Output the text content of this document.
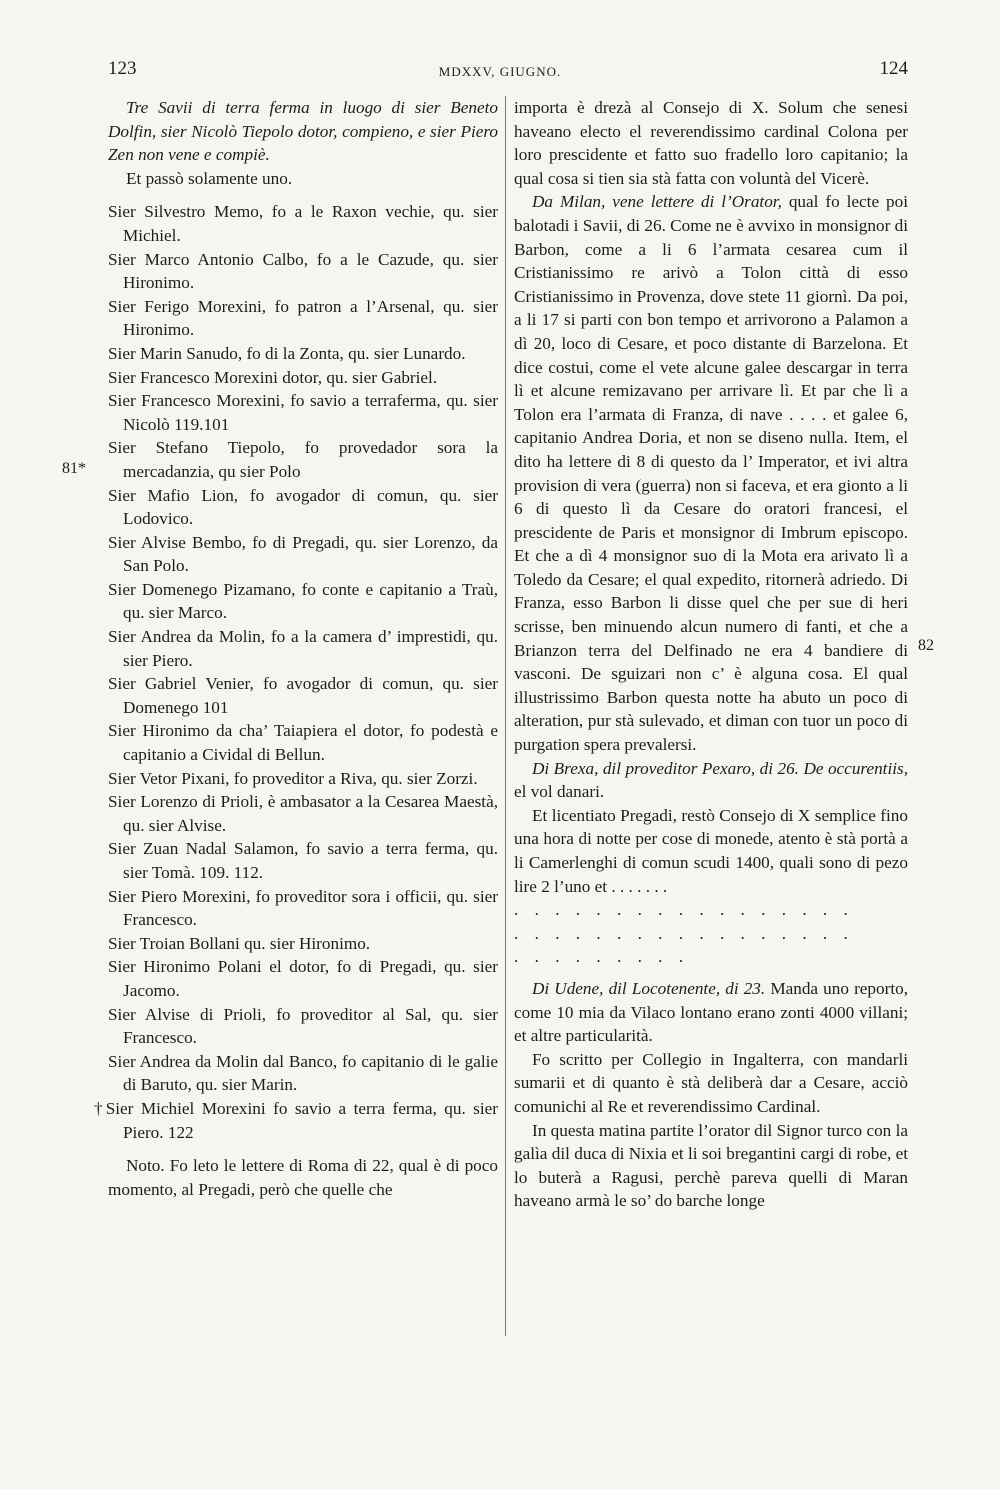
123	MDXXV, GIUGNO.	124
81*
82

Tre Savii di terra ferma in luogo di sier Beneto Dolfin, sier Nicolò Tiepolo dotor, compieno, e sier Piero Zen non vene e compiè.

Et passò solamente uno.

Sier Silvestro Memo, fo a le Raxon vechie, qu. sier Michiel.

Sier Marco Antonio Calbo, fo a le Cazude, qu. sier Hironimo.

Sier Ferigo Morexini, fo patron a l’Arsenal, qu. sier Hironimo.

Sier Marin Sanudo, fo di la Zonta, qu. sier Lunardo.

Sier Francesco Morexini dotor, qu. sier Gabriel.

Sier Francesco Morexini, fo savio a terraferma, qu. sier Nicolò 119.101

Sier Stefano Tiepolo, fo provedador sora la mercadanzia, qu sier Polo

Sier Mafio Lion, fo avogador di comun, qu. sier Lodovico.

Sier Alvise Bembo, fo di Pregadi, qu. sier Lorenzo, da San Polo.

Sier Domenego Pizamano, fo conte e capitanio a Traù, qu. sier Marco.

Sier Andrea da Molin, fo a la camera d’ imprestidi, qu. sier Piero.

Sier Gabriel Venier, fo avogador di comun, qu. sier Domenego 101

Sier Hironimo da cha’ Taiapiera el dotor, fo podestà e capitanio a Cividal di Bellun.

Sier Vetor Pixani, fo proveditor a Riva, qu. sier Zorzi.

Sier Lorenzo di Prioli, è ambasator a la Cesarea Maestà, qu. sier Alvise.

Sier Zuan Nadal Salamon, fo savio a terra ferma, qu. sier Tomà. 109. 112.

Sier Piero Morexini, fo proveditor sora i officii, qu. sier Francesco.

Sier Troian Bollani qu. sier Hironimo.

Sier Hironimo Polani el dotor, fo di Pregadi, qu. sier Jacomo.

Sier Alvise di Prioli, fo proveditor al Sal, qu. sier Francesco.

Sier Andrea da Molin dal Banco, fo capitanio di le galie di Baruto, qu. sier Marin.

†Sier Michiel Morexini fo savio a terra ferma, qu. sier Piero. 122

Noto. Fo leto le lettere di Roma di 22, qual è di poco momento, al Pregadi, però che quelle che

importa è drezà al Consejo di X. Solum che senesi haveano electo el reverendissimo cardinal Colona per loro prescidente et fatto suo fradello loro capitanio; la qual cosa si tien sia stà fatta con voluntà del Vicerè.

Da Milan, vene lettere di l’Orator, qual fo lecte poi balotadi i Savii, di 26. Come ne è avvixo in monsignor di Barbon, come a li 6 l’armata cesarea cum il Cristianissimo re arivò a Tolon città di esso Cristianissimo in Provenza, dove stete 11 giornì. Da poi, a li 17 si parti con bon tempo et arrivorono a Palamon a dì 20, loco di Cesare, et poco distante di Barzelona. Et dice costui, come el vete alcune galee descargar in terra lì et alcune remizavano per arrivare lì. Et par che lì a Tolon era l’armata di Franza, di nave . . . . et galee 6, capitanio Andrea Doria, et non se diseno nulla. Item, el dito ha lettere di 8 di questo da l’ Imperator, et ivi altra provision di vera (guerra) non si faceva, et era gionto a li 6 di questo lì da Cesare do oratori francesi, el prescidente de Paris et monsignor di Imbrum episcopo. Et che a dì 4 monsignor suo di la Mota era arivato lì a Toledo da Cesare; el qual expedito, ritornerà adriedo. Di Franza, esso Barbon li disse quel che per sue di heri scrisse, ben minuendo alcun numero di fanti, et che a Brianzon terra del Delfinado ne era 4 bandiere di vasconi. De sguizari non c’ è alguna cosa. El qual illustrissimo Barbon questa notte ha abuto un poco di alteration, pur stà sulevado, et diman con tuor un poco di purgation spera prevalersi.

Di Brexa, dil proveditor Pexaro, di 26. De occurentiis, el vol danari.

Et licentiato Pregadi, restò Consejo di X semplice fino una hora di notte per cose di monede, atento è stà portà a li Camerlenghi di comun scudi 1400, quali sono di pezo lire 2 l’uno et . . . . . . .

. . . . . . . . . . . . . . . . .

. . . . . . . . . . . . . . . . .

. . . . . . . . .

Di Udene, dil Locotenente, di 23. Manda uno reporto, come 10 mia da Vilaco lontano erano zonti 4000 villani; et altre particularità.

Fo scritto per Collegio in Ingalterra, con mandarli sumarii et di quanto è stà deliberà dar a Cesare, acciò comunichi al Re et reverendissimo Cardinal.

In questa matina partite l’orator dil Signor turco con la galìa dil duca di Nixia et li soi bregantini cargi di robe, et lo buterà a Ragusi, perchè pareva quelli di Maran haveano armà le so’ do barche longe
